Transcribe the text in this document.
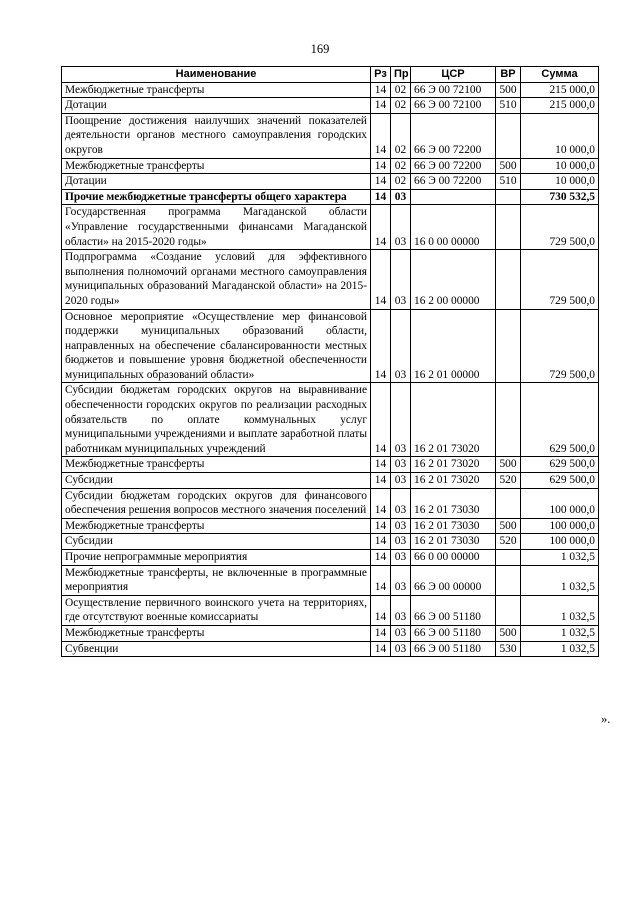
169
Наименование	Рз	Пр	ЦСР	ВР	Сумма
Межбюджетные трансферты	14	02	66 Э 00 72100	500	215 000,0
Дотации	14	02	66 Э 00 72100	510	215 000,0
Поощрение достижения наилучших значений показателей деятельности органов местного самоуправления городских округов	14	02	66 Э 00 72200		10 000,0
Межбюджетные трансферты	14	02	66 Э 00 72200	500	10 000,0
Дотации	14	02	66 Э 00 72200	510	10 000,0
Прочие межбюджетные трансферты общего характера	14	03			730 532,5
Государственная программа Магаданской области «Управление государственными финансами Магаданской области» на 2015-2020 годы»	14	03	16 0 00 00000		729 500,0
Подпрограмма «Создание условий для эффективного выполнения полномочий органами местного самоуправления муниципальных образований Магаданской области» на 2015-2020 годы»	14	03	16 2 00 00000		729 500,0
Основное мероприятие «Осуществление мер финансовой поддержки муниципальных образований области, направленных на обеспечение сбалансированности местных бюджетов и повышение уровня бюджетной обеспеченности муниципальных образований области»	14	03	16 2 01 00000		729 500,0
Субсидии бюджетам городских округов на выравнивание обеспеченности городских округов по реализации расходных обязательств по оплате коммунальных услуг муниципальными учреждениями и выплате заработной платы работникам муниципальных учреждений	14	03	16 2 01 73020		629 500,0
Межбюджетные трансферты	14	03	16 2 01 73020	500	629 500,0
Субсидии	14	03	16 2 01 73020	520	629 500,0
Субсидии бюджетам городских округов для финансового обеспечения решения вопросов местного значения поселений	14	03	16 2 01 73030		100 000,0
Межбюджетные трансферты	14	03	16 2 01 73030	500	100 000,0
Субсидии	14	03	16 2 01 73030	520	100 000,0
Прочие непрограммные мероприятия	14	03	66 0 00 00000		1 032,5
Межбюджетные трансферты, не включенные в программные мероприятия	14	03	66 Э 00 00000		1 032,5
Осуществление первичного воинского учета на территориях, где отсутствуют военные комиссариаты	14	03	66 Э 00 51180		1 032,5
Межбюджетные трансферты	14	03	66 Э 00 51180	500	1 032,5
Субвенции	14	03	66 Э 00 51180	530	1 032,5
».
